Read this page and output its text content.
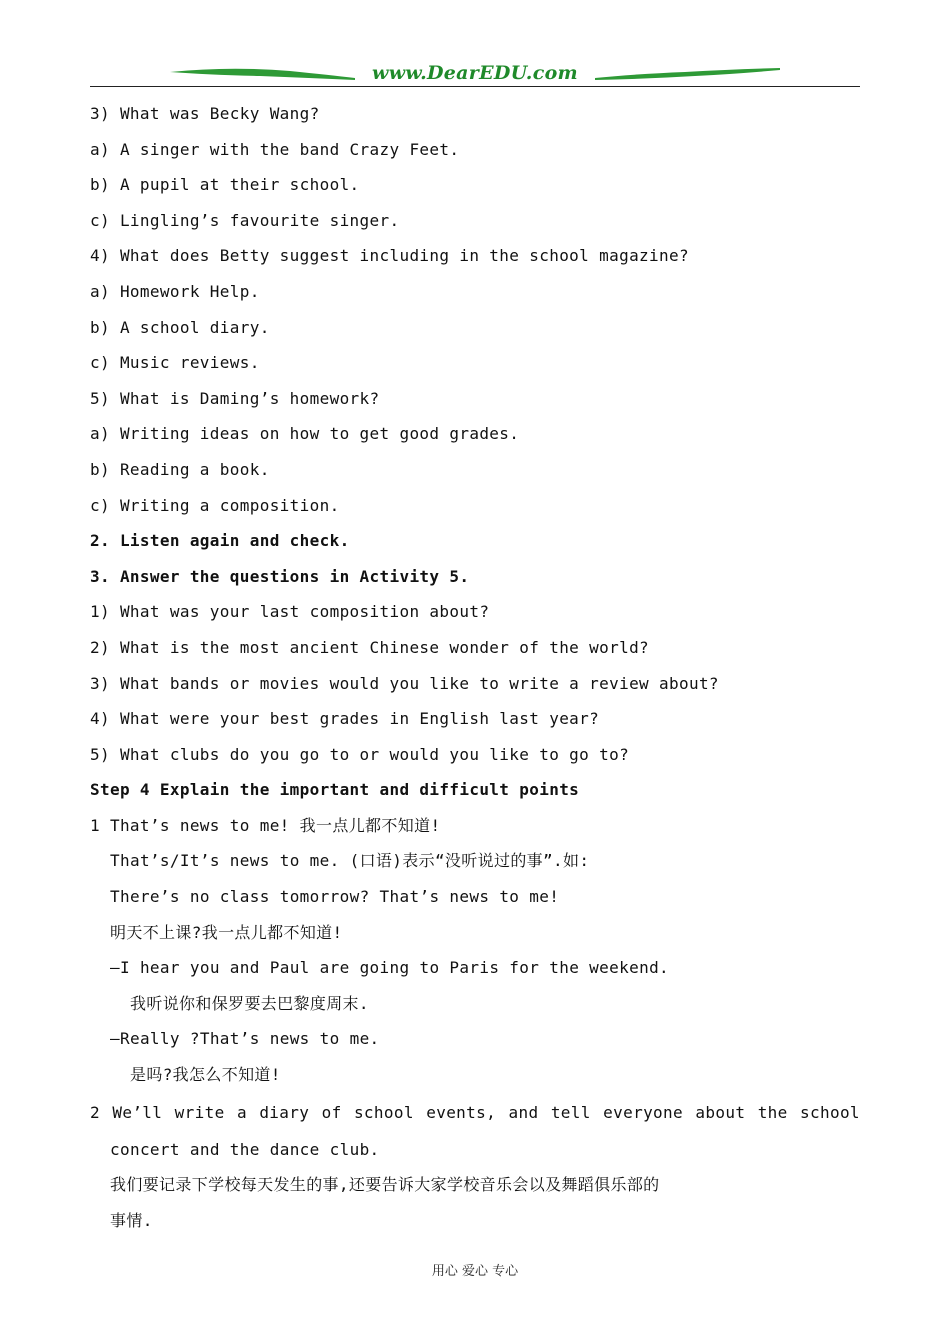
www.DearEDU.com
3) What was Becky Wang?
a) A singer with the band Crazy Feet.
b) A pupil at their school.
c) Lingling’s favourite singer.
4) What does Betty suggest including in the school magazine?
a) Homework Help.
b) A school diary.
c) Music reviews.
5) What is Daming’s homework?
a) Writing ideas on how to get good grades.
b) Reading a book.
c) Writing a composition.
2. Listen again and check.
3. Answer the questions in Activity 5.
1) What was your last composition about?
2) What is the most ancient Chinese wonder of the world?
3) What bands or movies would you like to write a review about?
4) What were your best grades in English last year?
5) What clubs do you go to or would you like to go to?
Step 4 Explain the important and difficult points
1 That’s news to me! 我一点儿都不知道!
That’s/It’s news to me. (口语)表示“没听说过的事”.如:
There’s no class tomorrow? That’s news to me!
明天不上课?我一点儿都不知道!
—I hear you and Paul are going to Paris for the weekend.
我听说你和保罗要去巴黎度周末.
—Really ?That’s news to me.
是吗?我怎么不知道!
2 We’ll write a diary of school events, and tell everyone about the school
concert and the dance club.
我们要记录下学校每天发生的事,还要告诉大家学校音乐会以及舞蹈俱乐部的
事情.
用心 爱心 专心
